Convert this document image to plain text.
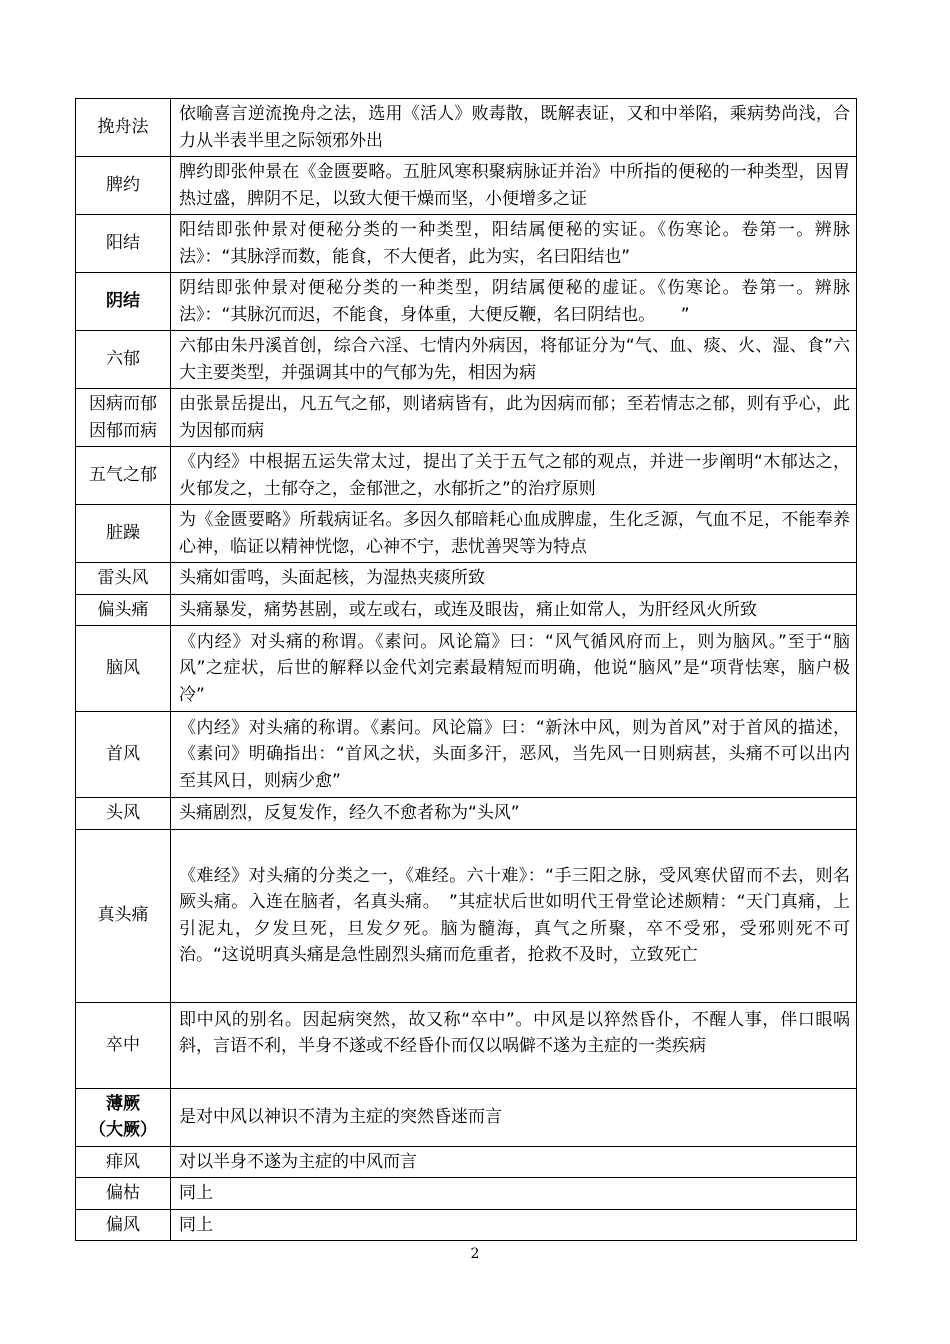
挽舟法	依喻喜言逆流挽舟之法，选用《活人》败毒散，既解表证，又和中举陷，乘病势尚浅，合力从半表半里之际领邪外出
脾约	脾约即张仲景在《金匮要略。五脏风寒积聚病脉证并治》中所指的便秘的一种类型，因胃热过盛，脾阴不足，以致大便干燥而坚，小便增多之证
阳结	阳结即张仲景对便秘分类的一种类型，阳结属便秘的实证。《伤寒论。卷第一。辨脉法》：“其脉浮而数，能食，不大便者，此为实，名曰阳结也”
阴结	阴结即张仲景对便秘分类的一种类型，阴结属便秘的虚证。《伤寒论。卷第一。辨脉法》：“其脉沉而迟，不能食，身体重，大便反鞭，名曰阴结也。　　”
六郁	六郁由朱丹溪首创，综合六淫、七情内外病因，将郁证分为“气、血、痰、火、湿、食”六大主要类型，并强调其中的气郁为先，相因为病
因病而郁
因郁而病	由张景岳提出，凡五气之郁，则诸病皆有，此为因病而郁；至若情志之郁，则有乎心，此为因郁而病
五气之郁	《内经》中根据五运失常太过，提出了关于五气之郁的观点，并进一步阐明“木郁达之，火郁发之，土郁夺之，金郁泄之，水郁折之”的治疗原则
脏躁	为《金匮要略》所载病证名。多因久郁暗耗心血成脾虚，生化乏源，气血不足，不能奉养心神，临证以精神恍惚，心神不宁，悲忧善哭等为特点
雷头风	头痛如雷鸣，头面起核，为湿热夹痰所致
偏头痛	头痛暴发，痛势甚剧，或左或右，或连及眼齿，痛止如常人，为肝经风火所致
脑风	《内经》对头痛的称谓。《素问。风论篇》曰：“风气循风府而上，则为脑风。”至于“脑风”之症状，后世的解释以金代刘完素最精短而明确，他说“脑风”是“项背怯寒，脑户极冷”
首风	《内经》对头痛的称谓。《素问。风论篇》曰：“新沐中风，则为首风”对于首风的描述，《素问》明确指出：“首风之状，头面多汗，恶风，当先风一日则病甚，头痛不可以出内至其风日，则病少愈”
头风	头痛剧烈，反复发作，经久不愈者称为“头风”
真头痛	《难经》对头痛的分类之一，《难经。六十难》：“手三阳之脉，受风寒伏留而不去，则名厥头痛。入连在脑者，名真头痛。　”其症状后世如明代王骨堂论述颇精：“天门真痛，上引泥丸，夕发旦死，旦发夕死。脑为髓海，真气之所聚，卒不受邪，受邪则死不可治。“这说明真头痛是急性剧烈头痛而危重者，抢救不及时，立致死亡
卒中	即中风的别名。因起病突然，故又称“卒中”。中风是以猝然昏仆，不醒人事，伴口眼㖞斜，言语不利，半身不遂或不经昏仆而仅以㖞僻不遂为主症的一类疾病
薄厥
（大厥）	是对中风以神识不清为主症的突然昏迷而言
痱风	对以半身不遂为主症的中风而言
偏枯	同上
偏风	同上
2
